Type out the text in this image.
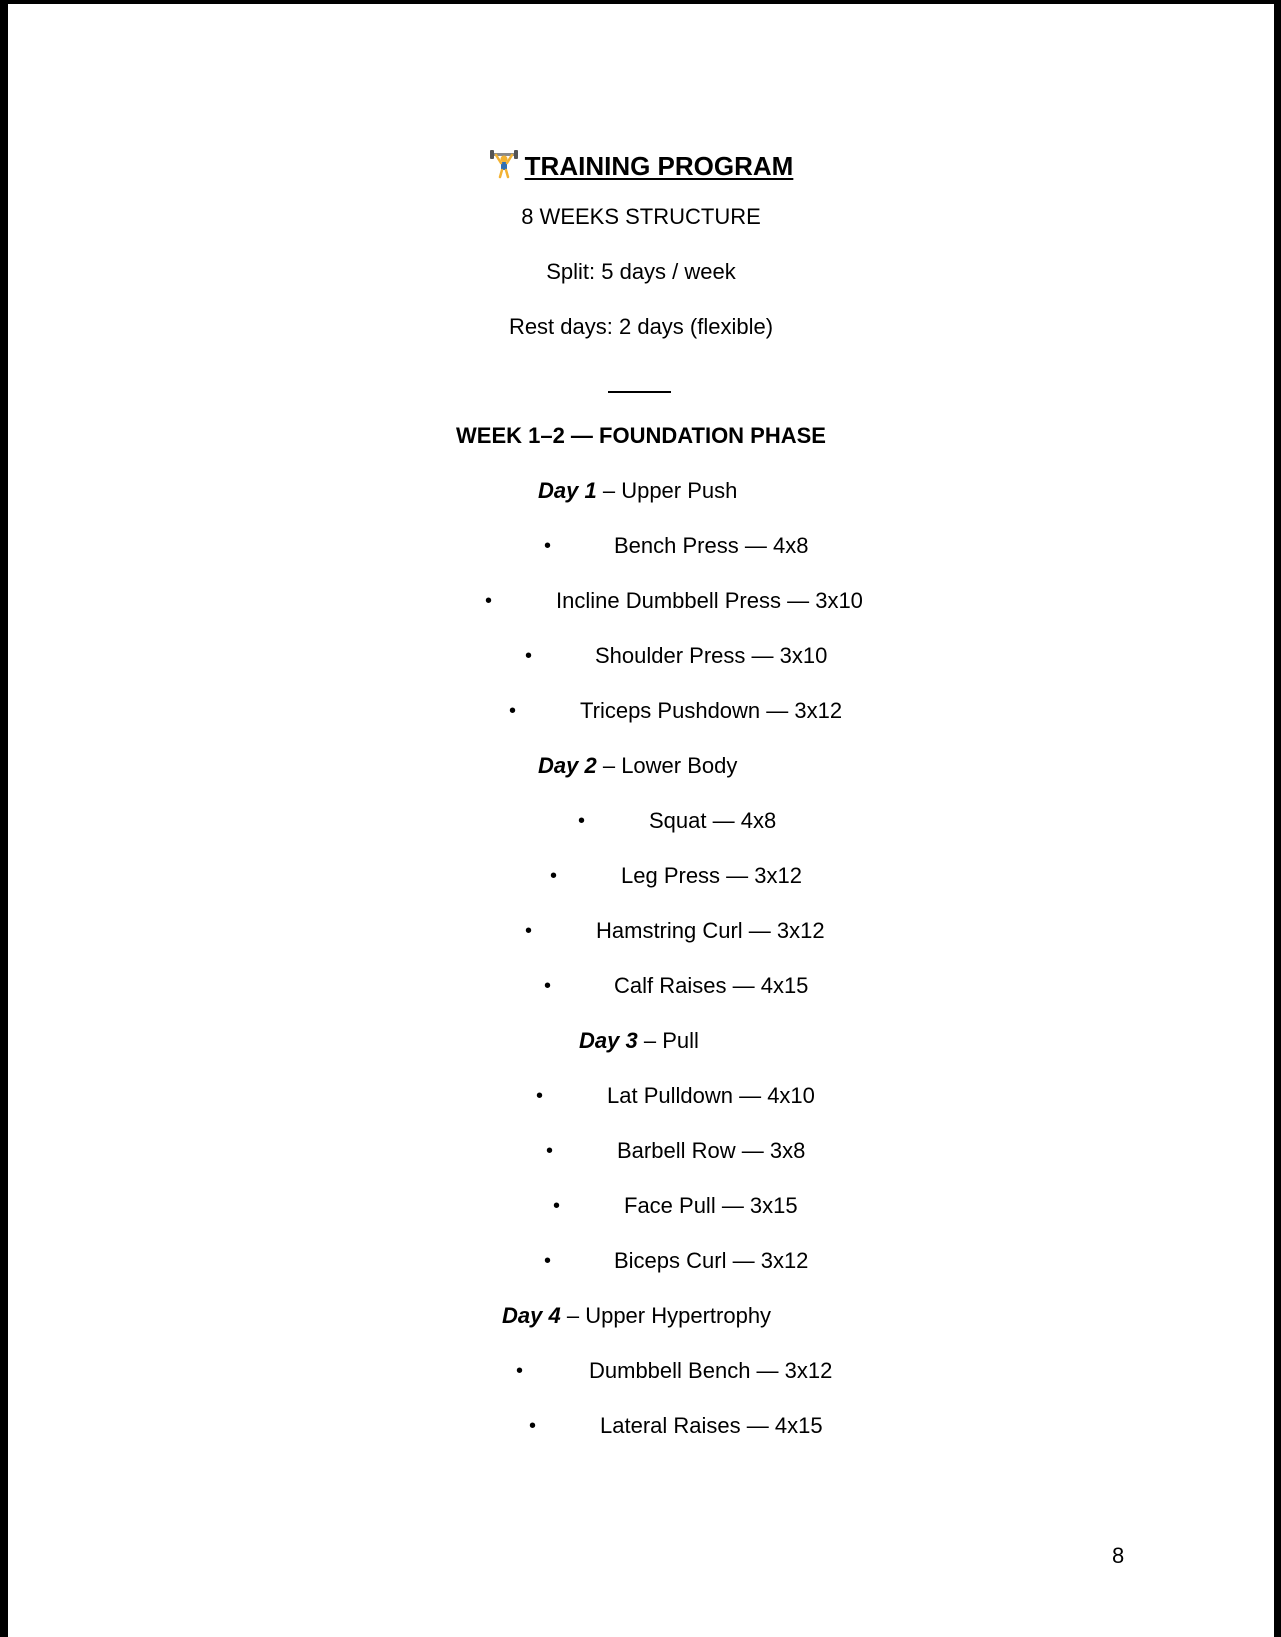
TRAINING PROGRAM
8 WEEKS STRUCTURE
Split: 5 days / week
Rest days: 2 days (flexible)
WEEK 1–2 — FOUNDATION PHASE
Day 1 – Upper Push
•	Bench Press — 4x8
•	Incline Dumbbell Press — 3x10
•	Shoulder Press — 3x10
•	Triceps Pushdown — 3x12
Day 2 – Lower Body
•	Squat — 4x8
•	Leg Press — 3x12
•	Hamstring Curl — 3x12
•	Calf Raises — 4x15
Day 3 – Pull
•	Lat Pulldown — 4x10
•	Barbell Row — 3x8
•	Face Pull — 3x15
•	Biceps Curl — 3x12
Day 4 – Upper Hypertrophy
•	Dumbbell Bench — 3x12
•	Lateral Raises — 4x15
8
